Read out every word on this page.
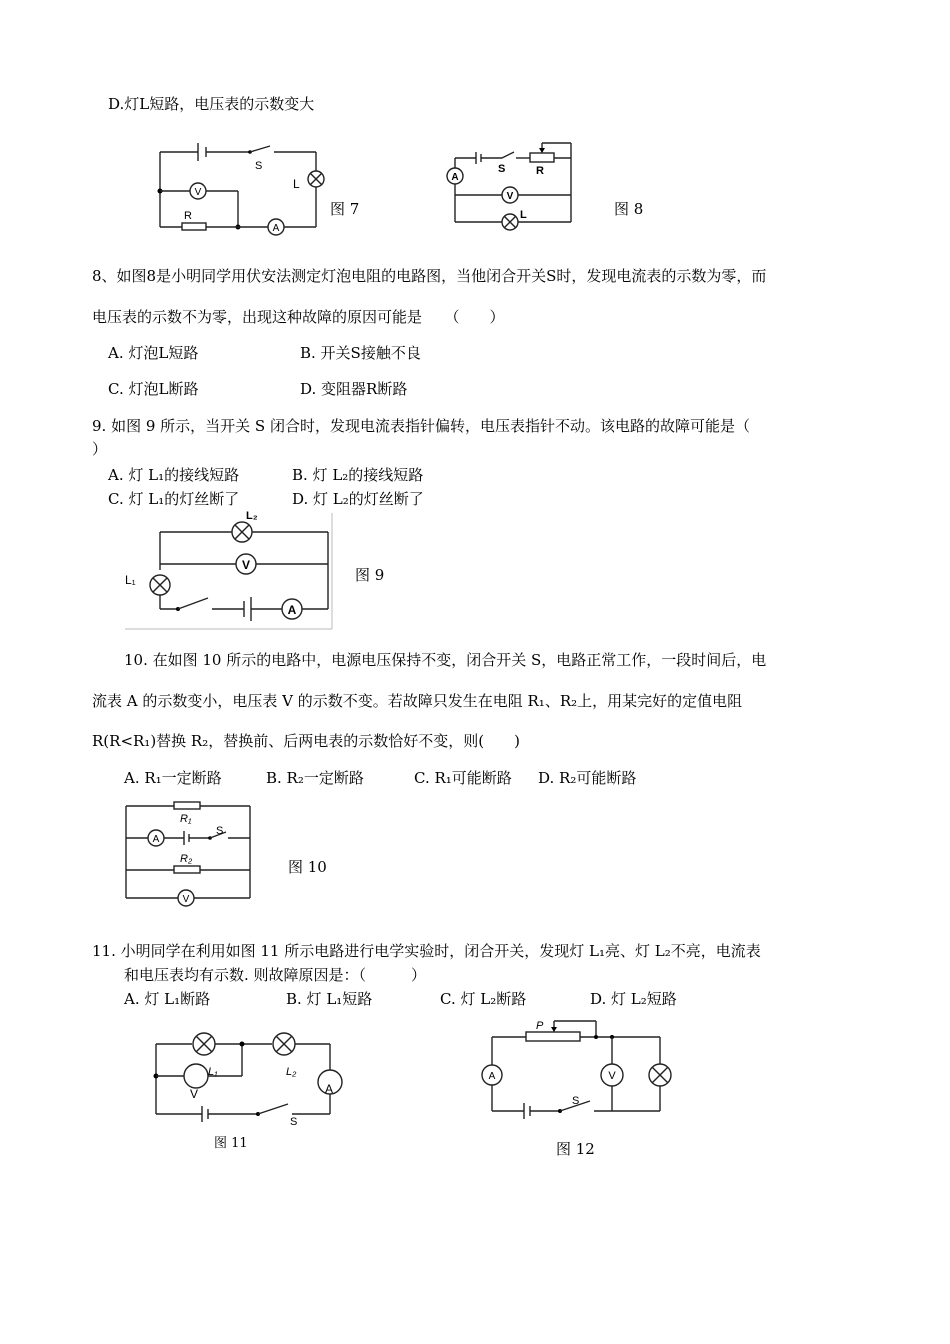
D.灯L短路，电压表的示数变大
V
A
S
L
R	图 7
A
V
S	R
L	图 8
8、如图8是小明同学用伏安法测定灯泡电阻的电路图，当他闭合开关S时，发现电流表的示数为零，而
电压表的示数不为零，出现这种故障的原因可能是　　（　　）
A. 灯泡L短路	B. 开关S接触不良
C. 灯泡L断路	D. 变阻器R断路
9. 如图 9 所示，当开关 S 闭合时，发现电流表指针偏转，电压表指针不动。该电路的故障可能是（
）
A. 灯 L₁的接线短路	B. 灯 L₂的接线短路
C. 灯 L₁的灯丝断了	D. 灯 L₂的灯丝断了
V
A
L₂
L₁	图 9
10. 在如图 10 所示的电路中，电源电压保持不变，闭合开关 S，电路正常工作，一段时间后，电
流表 A 的示数变小，电压表 V 的示数不变。若故障只发生在电阻 R₁、R₂上，用某完好的定值电阻
R(R<R₁)替换 R₂，替换前、后两电表的示数恰好不变，则(　　)
A. R₁一定断路	B. R₂一定断路	C. R₁可能断路 D. R₂可能断路
A
V
R₁
S
R₂	图 10
11. 小明同学在利用如图 11 所示电路进行电学实验时，闭合开关，发现灯 L₁亮、灯 L₂不亮，电流表
和电压表均有示数. 则故障原因是：（　　　）
A. 灯 L₁断路	B. 灯 L₁短路	C. 灯 L₂断路	D. 灯 L₂短路
V
L₁	L₂
A
S
图 11
A	V
P
S
图 12
